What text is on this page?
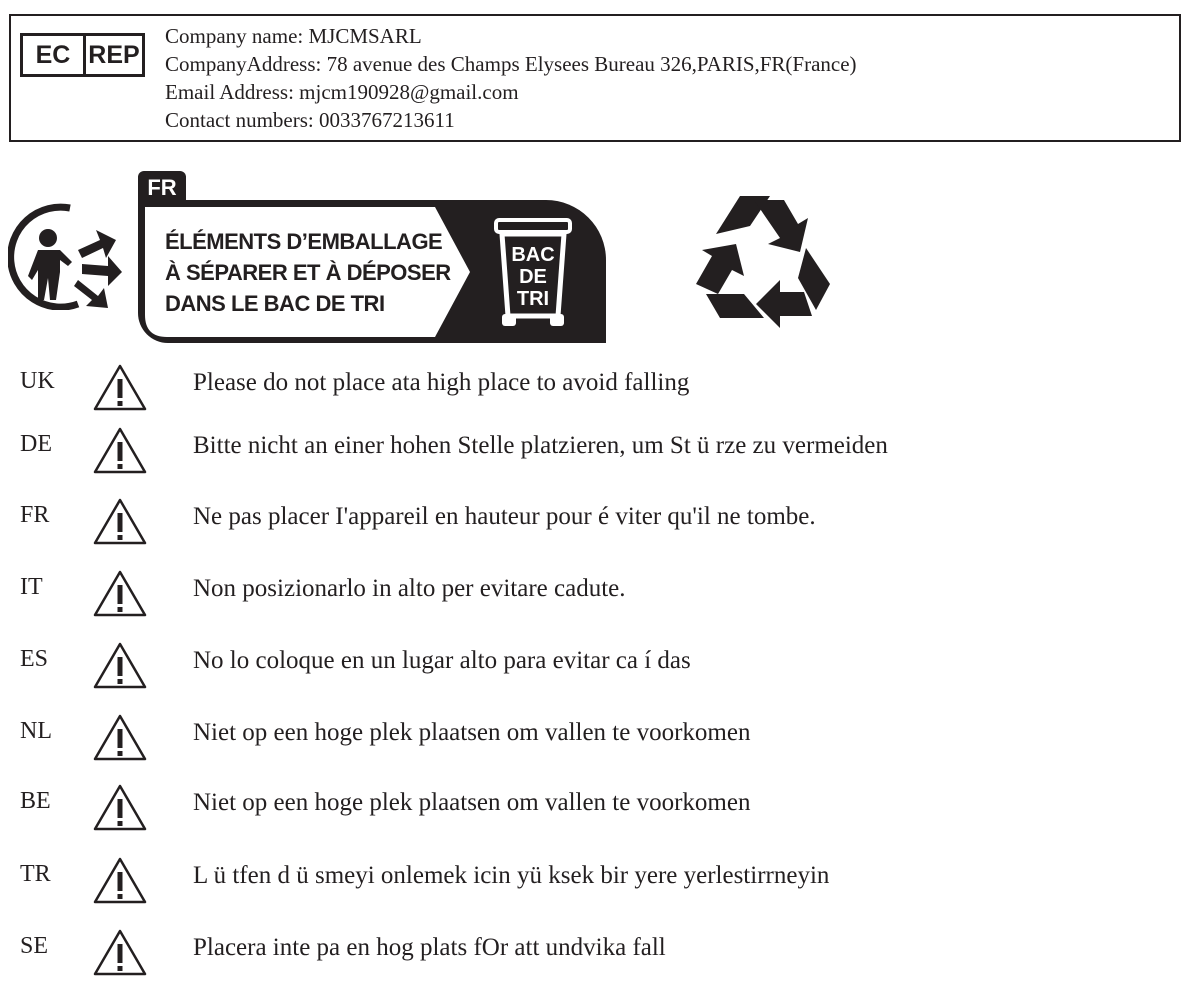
EC REP
Company name: MJCMSARL
CompanyAddress: 78 avenue des Champs Elysees Bureau 326,PARIS,FR(France)
Email Address: mjcm190928@gmail.com
Contact numbers: 0033767213611
FR
ÉLÉMENTS D’EMBALLAGE
À SÉPARER ET À DÉPOSER
DANS LE BAC DE TRI
BAC
DE
TRI
UK	Please do not place ata high place to avoid falling
DE	Bitte nicht an einer hohen Stelle platzieren, um St ü rze zu vermeiden
FR	Ne pas placer I'appareil en hauteur pour é viter qu'il ne tombe.
IT	Non posizionarlo in alto per evitare cadute.
ES	No lo coloque en un lugar alto para evitar ca í das
NL	Niet op een hoge plek plaatsen om vallen te voorkomen
BE	Niet op een hoge plek plaatsen om vallen te voorkomen
TR	L ü tfen d ü smeyi onlemek icin yü ksek bir yere yerlestirrneyin
SE	Placera inte pa en hog plats fOr att undvika fall
